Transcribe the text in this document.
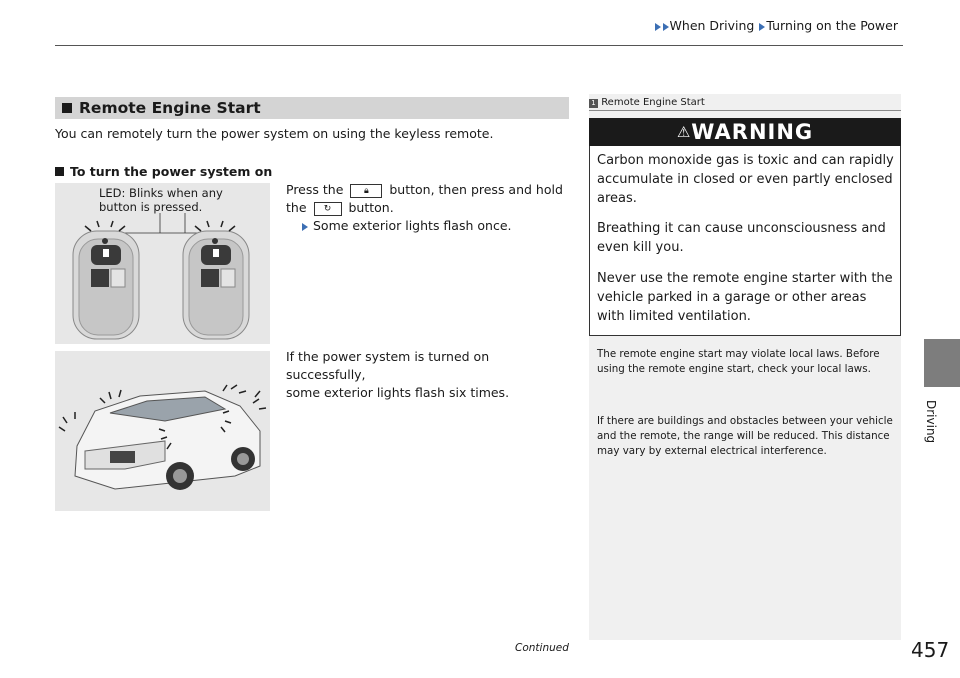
When Driving Turning on the Power
Driving
Remote Engine Start
You can remotely turn the power system on using the keyless remote.
To turn the power system on
LED: Blinks when any
button is pressed.
Press the 🔒︎ button, then press and hold
the ↻ button.
Some exterior lights flash once.
If the power system is turned on successfully,
some exterior lights flash six times.
1 Remote Engine Start
⚠WARNING
Carbon monoxide gas is toxic and can rapidly accumulate in closed or even partly enclosed areas.
Breathing it can cause unconsciousness and even kill you.
Never use the remote engine starter with the vehicle parked in a garage or other areas with limited ventilation.
The remote engine start may violate local laws. Before using the remote engine start, check your local laws.
If there are buildings and obstacles between your vehicle and the remote, the range will be reduced. This distance may vary by external electrical interference.
Continued	457
